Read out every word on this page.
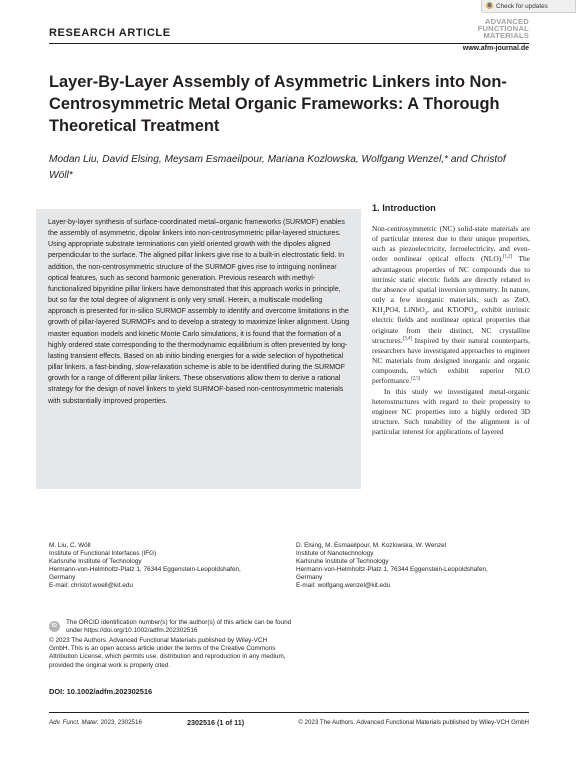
Check for updates
RESEARCH ARTICLE
ADVANCED
FUNCTIONAL
MATERIALS
www.afm-journal.de
Layer-By-Layer Assembly of Asymmetric Linkers into Non-Centrosymmetric Metal Organic Frameworks: A Thorough Theoretical Treatment
Modan Liu, David Elsing, Meysam Esmaeilpour, Mariana Kozlowska, Wolfgang Wenzel,* and Christof Wöll*
Layer-by-layer synthesis of surface-coordinated metal–organic frameworks (SURMOF) enables the assembly of asymmetric, dipolar linkers into non-centrosymmetric pillar-layered structures. Using appropriate substrate terminations can yield oriented growth with the dipoles aligned perpendicular to the surface. The aligned pillar linkers give rise to a built-in electrostatic field. In addition, the non-centrosymmetric structure of the SURMOF gives rise to intriguing nonlinear optical features, such as second harmonic generation. Previous research with methyl-functionalized bipyridine pillar linkers have demonstrated that this approach works in principle, but so far the total degree of alignment is only very small. Herein, a multiscale modelling approach is presented for in-silico SURMOF assembly to identify and overcome limitations in the growth of pillar-layered SURMOFs and to develop a strategy to maximize linker alignment. Using master equation models and kinetic Monte Carlo simulations, it is found that the formation of a highly ordered state corresponding to the thermodynamic equilibrium is often prevented by long-lasting transient effects. Based on ab initio binding energies for a wide selection of hypothetical pillar linkers, a fast-binding, slow-relaxation scheme is able to be identified during the SURMOF growth for a range of different pillar linkers. These observations allow them to derive a rational strategy for the design of novel linkers to yield SURMOF-based non-centrosymmetric materials with substantially improved properties.
1. Introduction

Non-centrosymmetric (NC) solid-state materials are of particular interest due to their unique properties, such as piezoelectricity, ferroelectricity, and even-order nonlinear optical effects (NLO).[1,2] The advantageous properties of NC compounds due to intrinsic static electric fields are directly related to the absence of spatial inversion symmetry. In nature, only a few inorganic materials, such as ZnO, $KH_2PO4$, LiNbO$_3$, and KTiOPO$_4$, exhibit intrinsic electric fields and nonlinear optical properties that originate from their distinct, NC crystalline structures.[3,4] Inspired by their natural counterparts, researchers have investigated approaches to engineer NC materials from designed inorganic and organic compounds, which exhibit superior NLO performance.[2,5]

In this study we investigated metal-organic heterostructures with regard to their propensity to engineer NC properties into a highly ordered 3D structure. Such tunability of the alignment is of particular interest for applications of layered

M. Liu, C. Wöll
Institute of Functional Interfaces (IFG)
Karlsruhe Institute of Technology
Hermann-von-Helmholtz-Platz 1, 76344 Eggenstein-Leopoldshafen,
Germany
E-mail: christof.woell@kit.edu
D. Elsing, M. Esmaeilpour, M. Kozlowska, W. Wenzel
Institute of Nanotechnology
Karlsruhe Institute of Technology
Hermann-von-Helmholtz-Platz 1, 76344 Eggenstein-Leopoldshafen,
Germany
E-mail: wolfgang.wenzel@kit.edu
ID	The ORCID identification number(s) for the author(s) of this article can be found under https://doi.org/10.1002/adfm.202302516
© 2023 The Authors. Advanced Functional Materials published by Wiley-VCH GmbH. This is an open access article under the terms of the Creative Commons Attribution License, which permits use, distribution and reproduction in any medium, provided the original work is properly cited.
DOI: 10.1002/adfm.202302516
Adv. Funct. Mater. 2023, 2302516	2302516 (1 of 11)	© 2023 The Authors. Advanced Functional Materials published by Wiley-VCH GmbH
